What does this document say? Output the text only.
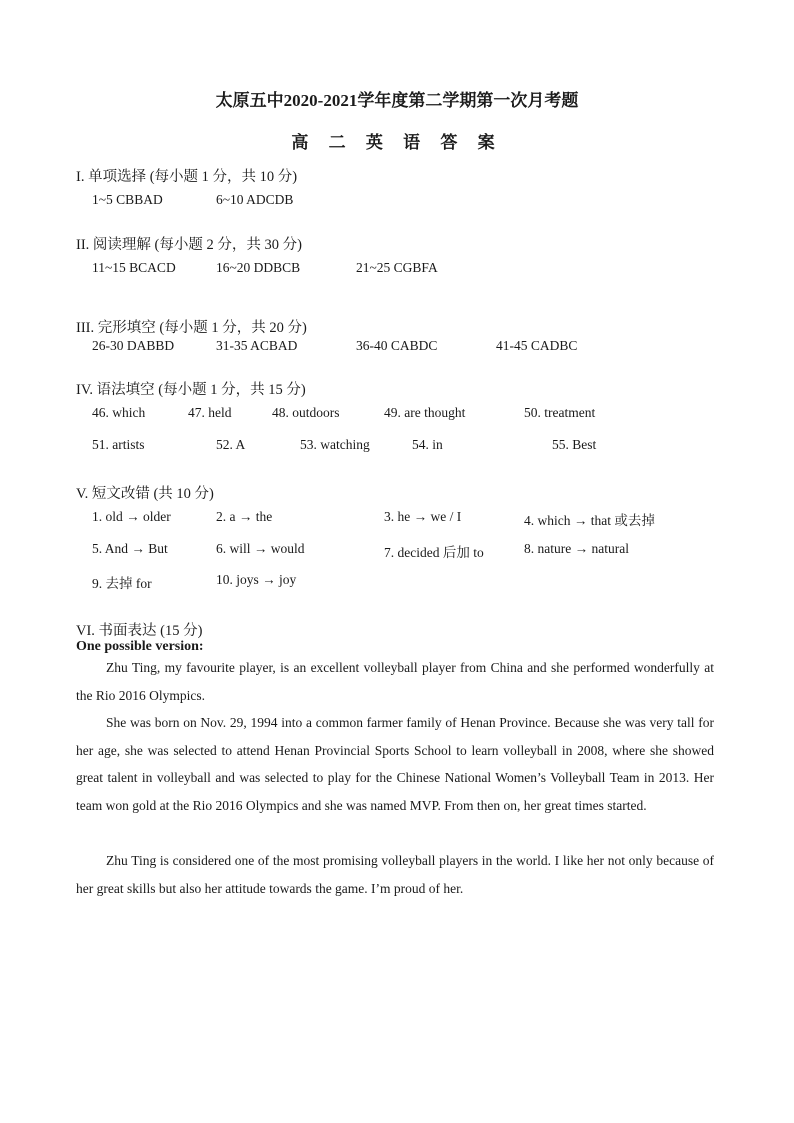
太原五中2020-2021学年度第二学期第一次月考题
高 二 英 语 答 案
I. 单项选择 (每小题 1 分，共 10 分)
1~5 CBBAD	6~10 ADCDB
II. 阅读理解 (每小题 2 分，共 30 分)
11~15 BCACD	16~20 DDBCB	21~25 CGBFA
III. 完形填空 (每小题 1 分，共 20 分)
26-30 DABBD	31-35 ACBAD	36-40 CABDC	41-45 CADBC
IV. 语法填空 (每小题 1 分，共 15 分)
46. which	47. held	48. outdoors	49. are thought	50. treatment
51. artists	52. A	53. watching	54. in	55. Best
V. 短文改错 (共 10 分)
1. old → older	2. a → the	3. he → we / I	4. which → that 或去掉
5. And → But	6. will → would	7. decided 后加 to	8. nature → natural
9. 去掉 for	10. joys → joy
VI. 书面表达 (15 分)
One possible version:
Zhu Ting, my favourite player, is an excellent volleyball player from China and she performed wonderfully at the Rio 2016 Olympics.
She was born on Nov. 29, 1994 into a common farmer family of Henan Province. Because she was very tall for her age, she was selected to attend Henan Provincial Sports School to learn volleyball in 2008, where she showed great talent in volleyball and was selected to play for the Chinese National Women’s Volleyball Team in 2013. Her team won gold at the Rio 2016 Olympics and she was named MVP. From then on, her great times started.
Zhu Ting is considered one of the most promising volleyball players in the world. I like her not only because of her great skills but also her attitude towards the game. I’m proud of her.
